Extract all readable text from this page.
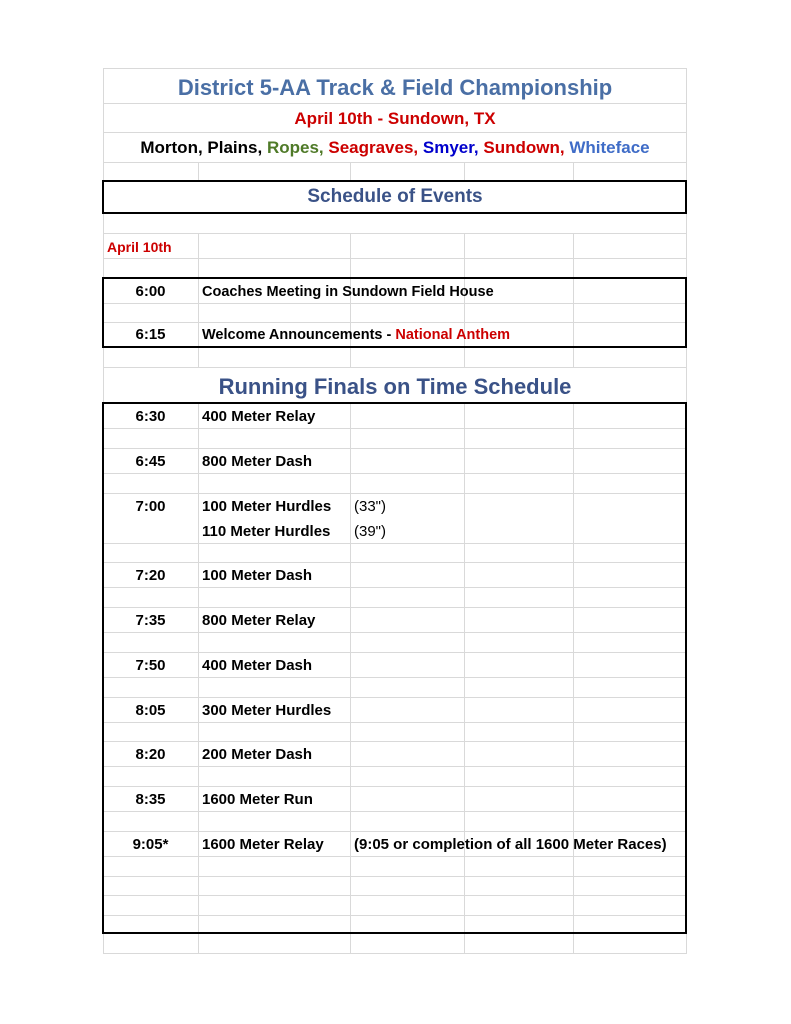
District 5-AA Track & Field Championship
April 10th - Sundown, TX
Morton, Plains, Ropes, Seagraves, Smyer, Sundown, Whiteface
Schedule of Events
April 10th
6:00	Coaches Meeting in Sundown Field House
6:15	Welcome Announcements - National Anthem
Running Finals on Time Schedule
6:30	400 Meter Relay
6:45	800 Meter Dash
7:00	100 Meter Hurdles (33")
110 Meter Hurdles (39")
7:20	100 Meter Dash
7:35	800 Meter Relay
7:50	400 Meter Dash
8:05	300 Meter Hurdles
8:20	200 Meter Dash
8:35	1600 Meter Run
9:05*	1600 Meter Relay (9:05 or completion of all 1600 Meter Races)
